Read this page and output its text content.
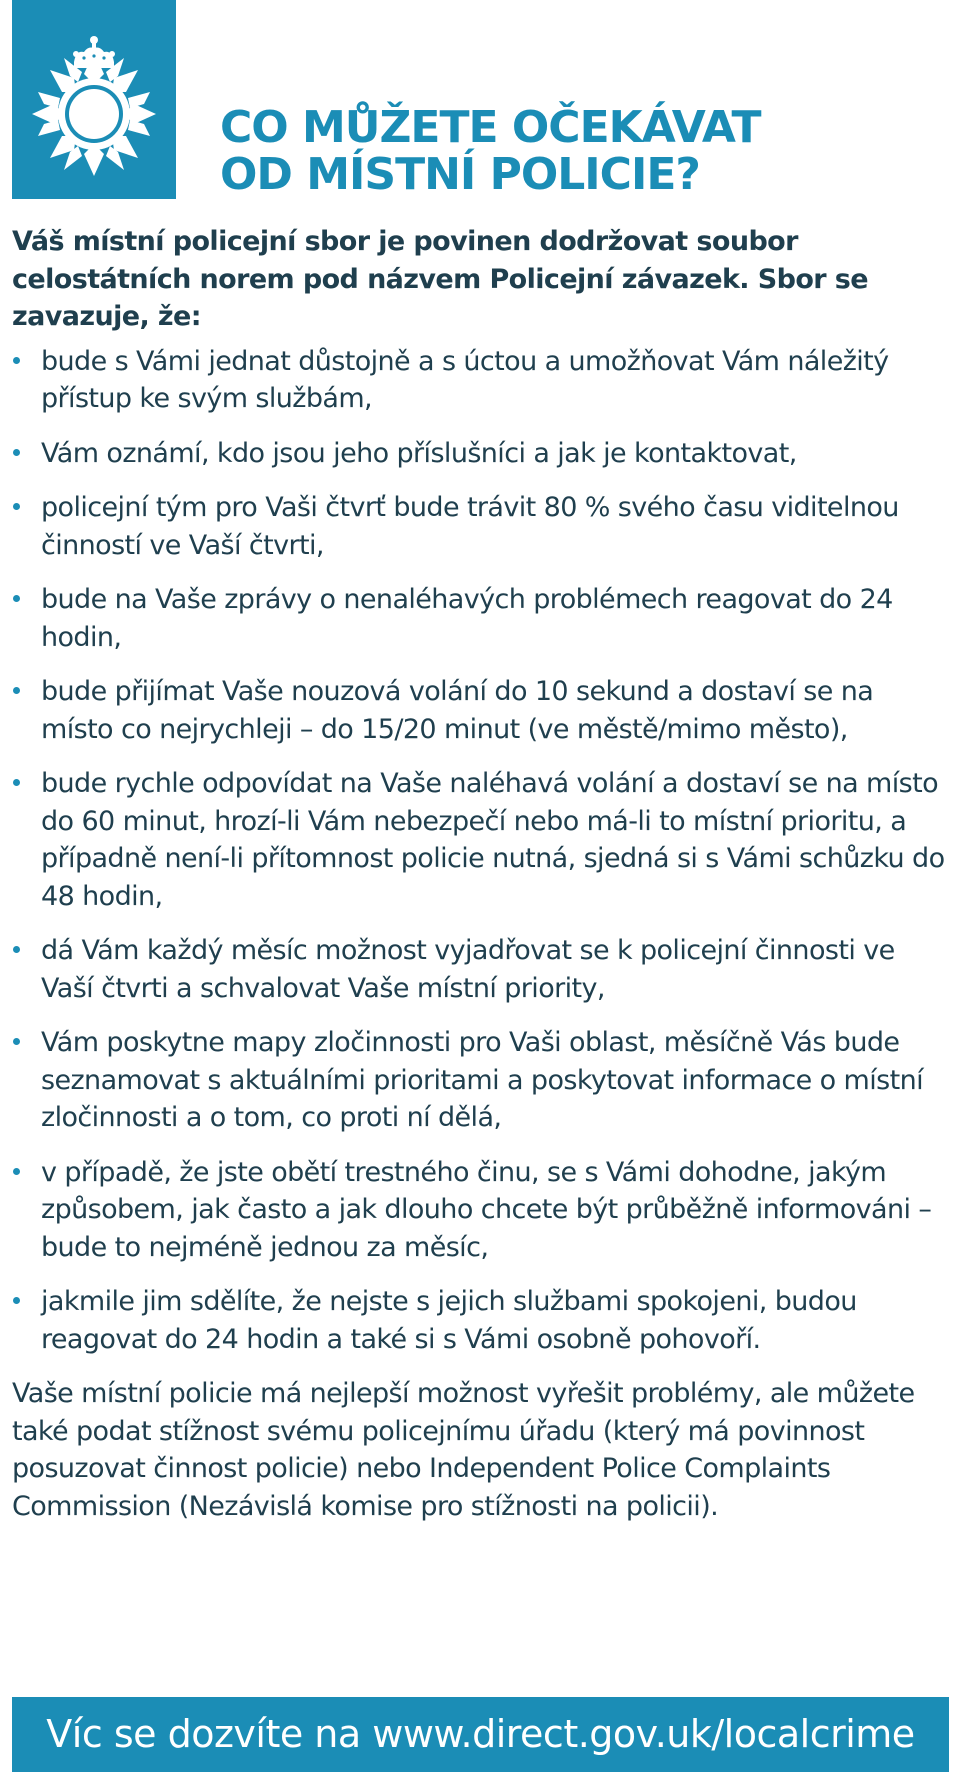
CO MŮŽETE OČEKÁVAT
OD MÍSTNÍ POLICIE?

Váš místní policejní sbor je povinen dodržovat soubor celostátních norem pod názvem Policejní závazek. Sbor se zavazuje, že:

bude s Vámi jednat důstojně a s úctou a umožňovat Vám náležitý přístup ke svým službám,
Vám oznámí, kdo jsou jeho příslušníci a jak je kontaktovat,
policejní tým pro Vaši čtvrť bude trávit 80 % svého času viditelnou činností ve Vaší čtvrti,
bude na Vaše zprávy o nenaléhavých problémech reagovat do 24 hodin,
bude přijímat Vaše nouzová volání do 10 sekund a dostaví se na místo co nejrychleji – do 15/20 minut (ve městě/mimo město),
bude rychle odpovídat na Vaše naléhavá volání a dostaví se na místo do 60 minut, hrozí-li Vám nebezpečí nebo má-li to místní prioritu, a případně není-li přítomnost policie nutná, sjedná si s Vámi schůzku do 48 hodin,
dá Vám každý měsíc možnost vyjadřovat se k policejní činnosti ve Vaší čtvrti a schvalovat Vaše místní priority,
Vám poskytne mapy zločinnosti pro Vaši oblast, měsíčně Vás bude seznamovat s aktuálními prioritami a poskytovat informace o místní zločinnosti a o tom, co proti ní dělá,
v případě, že jste obětí trestného činu, se s Vámi dohodne, jakým způsobem, jak často a jak dlouho chcete být průběžně informováni – bude to nejméně jednou za měsíc,
jakmile jim sdělíte, že nejste s jejich službami spokojeni, budou reagovat do 24 hodin a také si s Vámi osobně pohovoří.

Vaše místní policie má nejlepší možnost vyřešit problémy, ale můžete také podat stížnost svému policejnímu úřadu (který má povinnost posuzovat činnost policie) nebo Independent Police Complaints Commission (Nezávislá komise pro stížnosti na policii).

Víc se dozvíte na www.direct.gov.uk/localcrime
